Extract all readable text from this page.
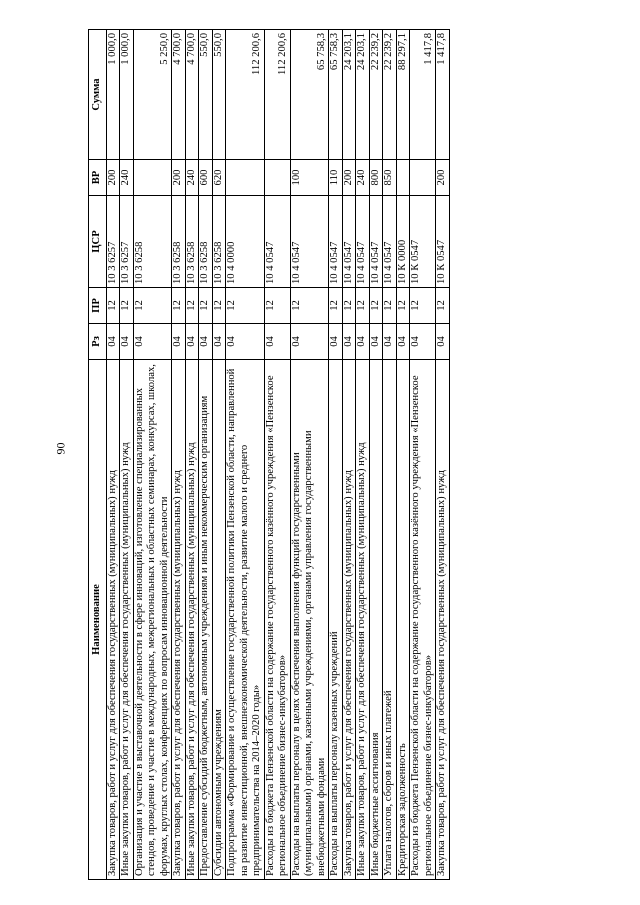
90
Наименование	Рз	ПР	ЦСР	ВР	Сумма
Закупка товаров, работ и услуг для обеспечения государственных (муниципальных) нужд	04	12	10 3 6257	200	1 000,0
Иные закупки товаров, работ и услуг для обеспечения государственных (муниципальных) нужд	04	12	10 3 6257	240	1 000,0
Организация и участие в выставочной деятельности в сфере инноваций, изготовление специализированных стендов, проведение и участие в международных, межрегиональных и областных семинарах, конкурсах, школах, форумах, круглых столах, конференциях по вопросам инновационной деятельности	04	12	10 3 6258		5 250,0
Закупка товаров, работ и услуг для обеспечения государственных (муниципальных) нужд	04	12	10 3 6258	200	4 700,0
Иные закупки товаров, работ и услуг для обеспечения государственных (муниципальных) нужд	04	12	10 3 6258	240	4 700,0
Предоставление субсидий бюджетным, автономным учреждениям и иным некоммерческим организациям	04	12	10 3 6258	600	550,0
Субсидии автономным учреждениям	04	12	10 3 6258	620	550,0
Подпрограмма «Формирование и осуществление государственной политики Пензенской области, направленной на развитие инвестиционной, внешнеэкономической деятельности, развитие малого и среднего предпринимательства на 2014–2020 годы»	04	12	10 4 0000		112 200,6
Расходы из бюджета Пензенской области на содержание государственного казённого учреждения «Пензенское региональное объединение бизнес-инкубаторов»	04	12	10 4 0547		112 200,6
Расходы на выплаты персоналу в целях обеспечения выполнения функций государственными (муниципальными) органами, казенными учреждениями, органами управления государственными внебюджетными фондами	04	12	10 4 0547	100	65 758,3
Расходы на выплаты персоналу казенных учреждений	04	12	10 4 0547	110	65 758,3
Закупка товаров, работ и услуг для обеспечения государственных (муниципальных) нужд	04	12	10 4 0547	200	24 203,1
Иные закупки товаров, работ и услуг для обеспечения государственных (муниципальных) нужд	04	12	10 4 0547	240	24 203,1
Иные бюджетные ассигнования	04	12	10 4 0547	800	22 239,2
Уплата налогов, сборов и иных платежей	04	12	10 4 0547	850	22 239,2
Кредиторская задолженность	04	12	10 К 0000		88 297,1
Расходы из бюджета Пензенской области на содержание государственного казённого учреждения «Пензенское региональное объединение бизнес-инкубаторов»	04	12	10 К 0547		1 417,8
Закупка товаров, работ и услуг для обеспечения государственных (муниципальных) нужд	04	12	10 К 0547	200	1 417,8
